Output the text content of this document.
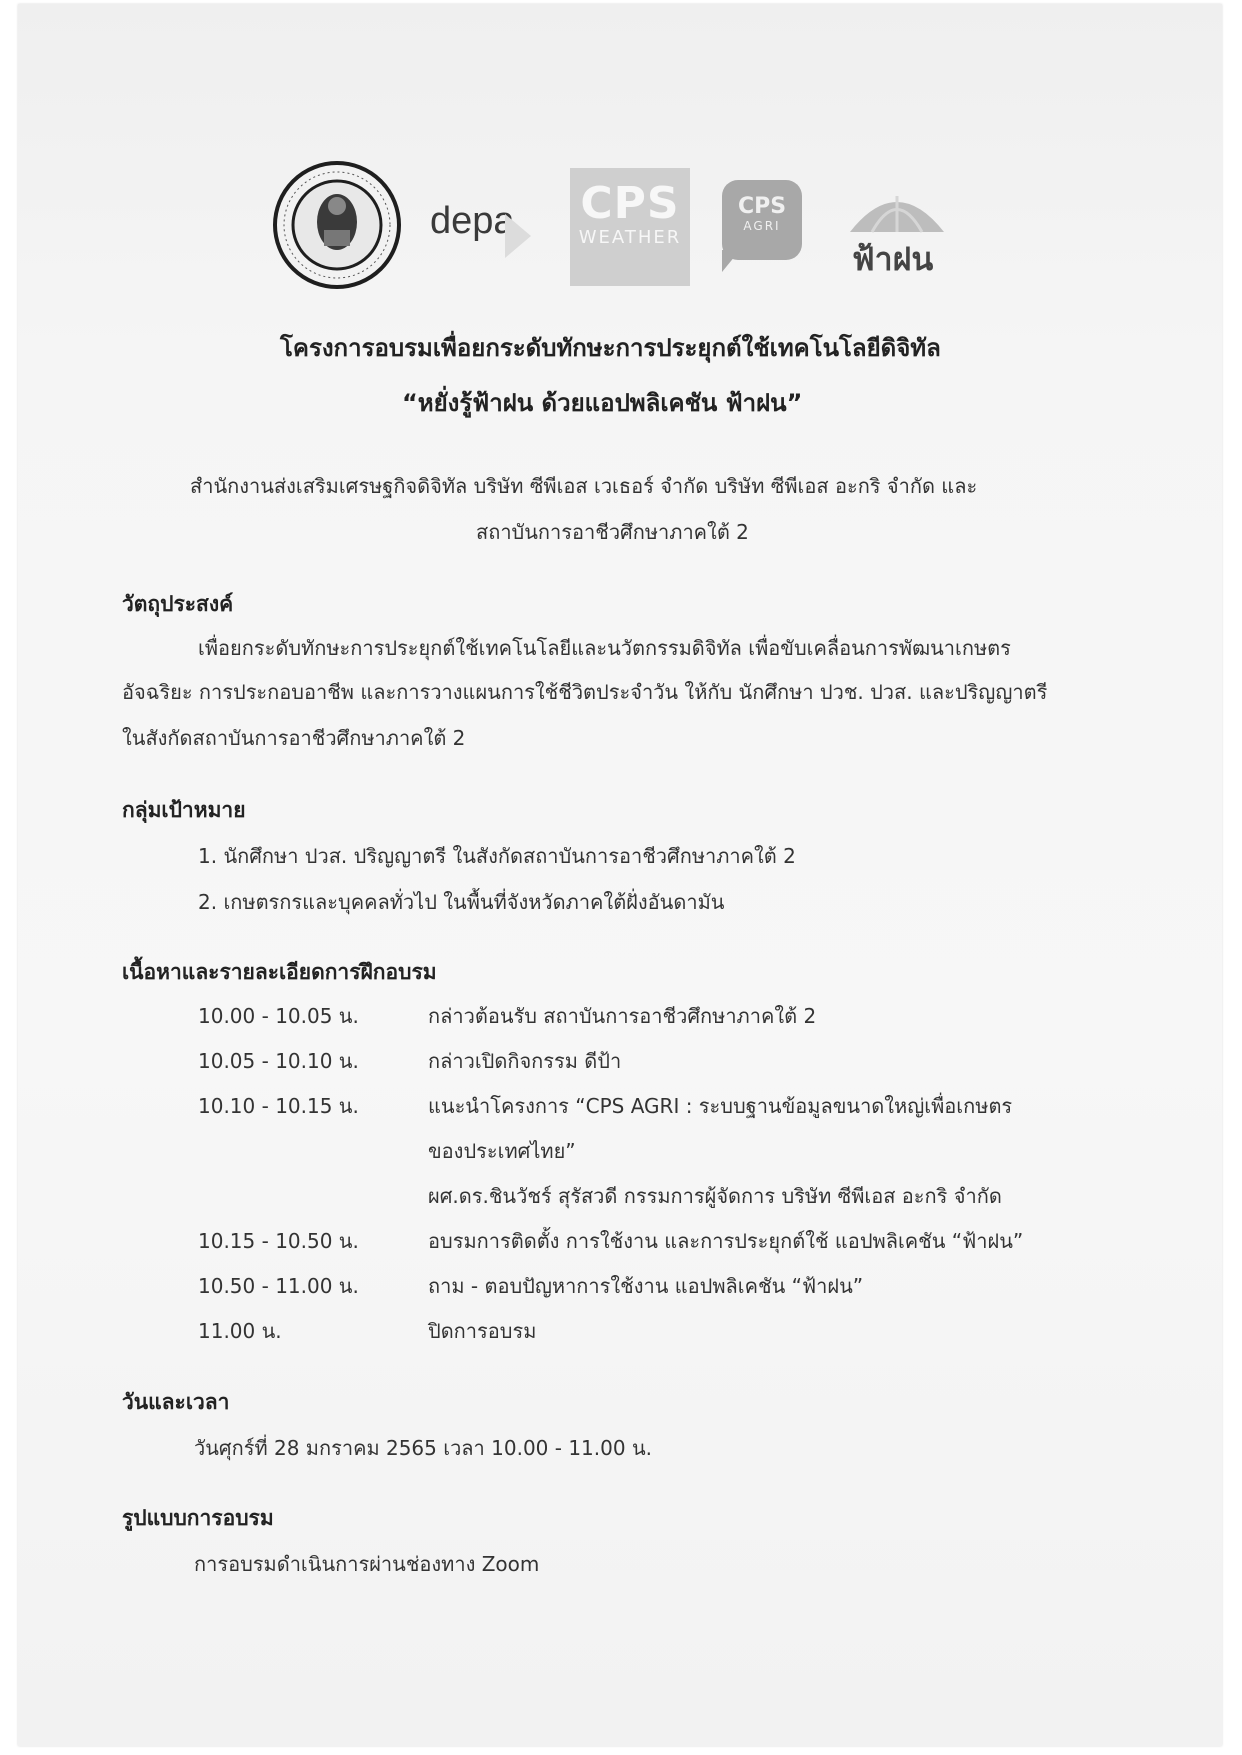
depa CPS
WEATHER
CPS
AGRI
ฟ้าฝน
โครงการอบรมเพื่อยกระดับทักษะการประยุกต์ใช้เทคโนโลยีดิจิทัล
“หยั่งรู้ฟ้าฝน ด้วยแอปพลิเคชัน ฟ้าฝน”
สำนักงานส่งเสริมเศรษฐกิจดิจิทัล บริษัท ซีพีเอส เวเธอร์ จำกัด บริษัท ซีพีเอส อะกริ จำกัด และ
สถาบันการอาชีวศึกษาภาคใต้ 2
วัตถุประสงค์
เพื่อยกระดับทักษะการประยุกต์ใช้เทคโนโลยีและนวัตกรรมดิจิทัล เพื่อขับเคลื่อนการพัฒนาเกษตร
อัจฉริยะ การประกอบอาชีพ และการวางแผนการใช้ชีวิตประจำวัน ให้กับ นักศึกษา ปวช. ปวส. และปริญญาตรี
ในสังกัดสถาบันการอาชีวศึกษาภาคใต้ 2
กลุ่มเป้าหมาย
1. นักศึกษา ปวส. ปริญญาตรี ในสังกัดสถาบันการอาชีวศึกษาภาคใต้ 2
2. เกษตรกรและบุคคลทั่วไป ในพื้นที่จังหวัดภาคใต้ฝั่งอันดามัน
เนื้อหาและรายละเอียดการฝึกอบรม
10.00 - 10.05 น.	กล่าวต้อนรับ สถาบันการอาชีวศึกษาภาคใต้ 2
10.05 - 10.10 น.	กล่าวเปิดกิจกรรม ดีป้า
10.10 - 10.15 น.	แนะนำโครงการ “CPS AGRI : ระบบฐานข้อมูลขนาดใหญ่เพื่อเกษตร
ของประเทศไทย”
ผศ.ดร.ชินวัชร์ สุรัสวดี กรรมการผู้จัดการ บริษัท ซีพีเอส อะกริ จำกัด
10.15 - 10.50 น.	อบรมการติดตั้ง การใช้งาน และการประยุกต์ใช้ แอปพลิเคชัน “ฟ้าฝน”
10.50 - 11.00 น.	ถาม - ตอบปัญหาการใช้งาน แอปพลิเคชัน “ฟ้าฝน”
11.00 น.	ปิดการอบรม
วันและเวลา
วันศุกร์ที่ 28 มกราคม 2565 เวลา 10.00 - 11.00 น.
รูปแบบการอบรม
การอบรมดำเนินการผ่านช่องทาง Zoom
